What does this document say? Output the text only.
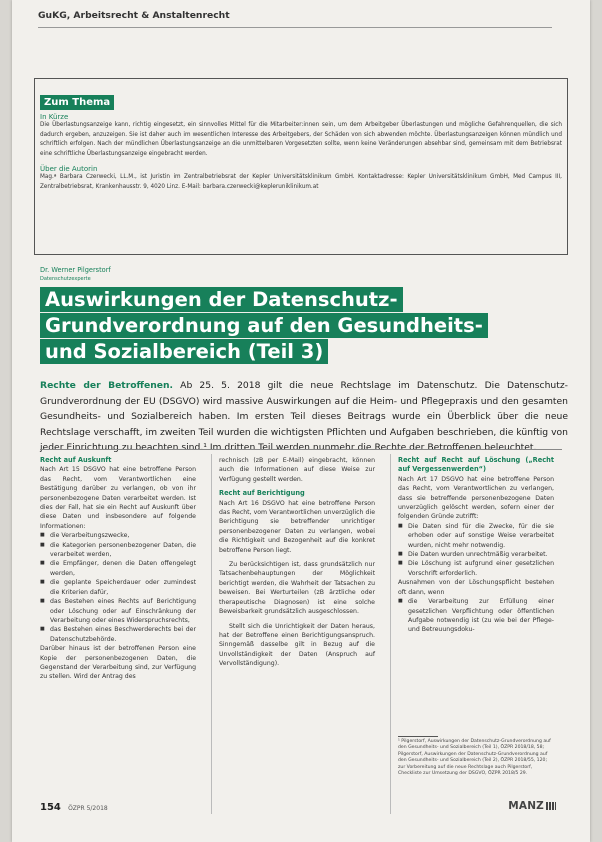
GuKG, Arbeitsrecht & Anstaltenrecht
Zum Thema
In Kürze
Die Überlastungsanzeige kann, richtig eingesetzt, ein sinnvolles Mittel für die Mitarbeiter:innen sein, um dem Arbeitgeber Überlastungen und mögliche Gefahrenquellen, die sich dadurch ergeben, anzuzeigen. Sie ist daher auch im wesentlichen Interesse des Arbeitgebers, der Schäden von sich abwenden möchte. Überlastungsanzeigen können mündlich und schriftlich erfolgen. Nach der mündlichen Überlastungsanzeige an die unmittelbaren Vorgesetzten sollte, wenn keine Veränderungen absehbar sind, gemeinsam mit dem Betriebsrat eine schriftliche Überlastungsanzeige eingebracht werden.
Über die Autorin
Mag.ª Barbara Czerwecki, LL.M., ist Juristin im Zentralbetriebsrat der Kepler Universitätsklinikum GmbH. Kontaktadresse: Kepler Universitätsklinikum GmbH, Med Campus III, Zentralbetriebsrat, Krankenhausstr. 9, 4020 Linz. E-Mail: barbara.czerwecki@kepleruniklinikum.at
Dr. Werner Pilgerstorf
Datenschutzexperte
Auswirkungen der Datenschutz-
Grundverordnung auf den Gesundheits-
und Sozialbereich (Teil 3)
Rechte der Betroffenen. Ab 25. 5. 2018 gilt die neue Rechtslage im Datenschutz. Die Datenschutz-Grundverordnung der EU (DSGVO) wird massive Auswirkungen auf die Heim- und Pflegepraxis und den gesamten Gesundheits- und Sozialbereich haben. Im ersten Teil dieses Beitrags wurde ein Überblick über die neue Rechtslage verschafft, im zweiten Teil wurden die wichtigsten Pflichten und Aufgaben beschrieben, die künftig von jeder Einrichtung zu beachten sind.¹ Im dritten Teil werden nunmehr die Rechte der Betroffenen beleuchtet.

Recht auf Auskunft

Nach Art 15 DSGVO hat eine betroffene Person das Recht, vom Verantwortlichen eine Bestätigung darüber zu verlangen, ob von ihr personenbezogene Daten verarbeitet werden. Ist dies der Fall, hat sie ein Recht auf Auskunft über diese Daten und insbesondere auf folgende Informationen:

■ die Verarbeitungszwecke,
■ die Kategorien personenbezogener Daten, die verarbeitet werden,
■ die Empfänger, denen die Daten offengelegt werden,
■ die geplante Speicherdauer oder zumindest die Kriterien dafür,
■ das Bestehen eines Rechts auf Berichtigung oder Löschung oder auf Einschränkung der Verarbeitung oder eines Widerspruchsrechts,
■ das Bestehen eines Beschwerderechts bei der Datenschutzbehörde.

Darüber hinaus ist der betroffenen Person eine Kopie der personenbezogenen Daten, die Gegenstand der Verarbeitung sind, zur Verfügung zu stellen. Wird der Antrag des

rechnisch (zB per E-Mail) eingebracht, können auch die Informationen auf diese Weise zur Verfügung gestellt werden.

Recht auf Berichtigung

Nach Art 16 DSGVO hat eine betroffene Person das Recht, vom Verantwortlichen unverzüglich die Berichtigung sie betreffender unrichtiger personenbezogener Daten zu verlangen, wobei die Richtigkeit und Bezogenheit auf die konkret betroffene Person liegt.

Zu berücksichtigen ist, dass grundsätzlich nur Tatsachenbehauptungen der Möglichkeit berichtigt werden, die Wahrheit der Tatsachen zu beweisen. Bei Werturteilen (zB ärztliche oder therapeutische Diagnosen) ist eine solche Beweisbarkeit grundsätzlich ausgeschlossen.

Stellt sich die Unrichtigkeit der Daten heraus, hat der Betroffene einen Berichtigungsanspruch. Sinngemäß dasselbe gilt in Bezug auf die Unvollständigkeit der Daten (Anspruch auf Vervollständigung).

Recht auf Recht auf Löschung („Recht auf Vergessenwerden“)

Nach Art 17 DSGVO hat eine betroffene Person das Recht, vom Verantwortlichen zu verlangen, dass sie betreffende personenbezogene Daten unverzüglich gelöscht werden, sofern einer der folgenden Gründe zutrifft:

■ Die Daten sind für die Zwecke, für die sie erhoben oder auf sonstige Weise verarbeitet wurden, nicht mehr notwendig.
■ Die Daten wurden unrechtmäßig verarbeitet.
■ Die Löschung ist aufgrund einer gesetzlichen Vorschrift erforderlich.

Ausnahmen von der Löschungspflicht bestehen oft dann, wenn

■ die Verarbeitung zur Erfüllung einer gesetzlichen Verpflichtung oder öffentlichen Aufgabe notwendig ist (zu wie bei der Pflege- und Betreuungsdoku-
¹ Pilgerstorf, Auswirkungen der Datenschutz-Grundverordnung auf den Gesundheits- und Sozialbereich (Teil 1), ÖZPR 2018/18, 58; Pilgerstorf, Auswirkungen der Datenschutz-Grundverordnung auf den Gesundheits- und Sozialbereich (Teil 2), ÖZPR 2018/55, 120; zur Vorbereitung auf die neue Rechtslage auch Pilgerstorf, Checkliste zur Umsetzung der DSGVO, ÖZPR 2018/5 29.
154 ÖZPR 5/2018	MANZ
